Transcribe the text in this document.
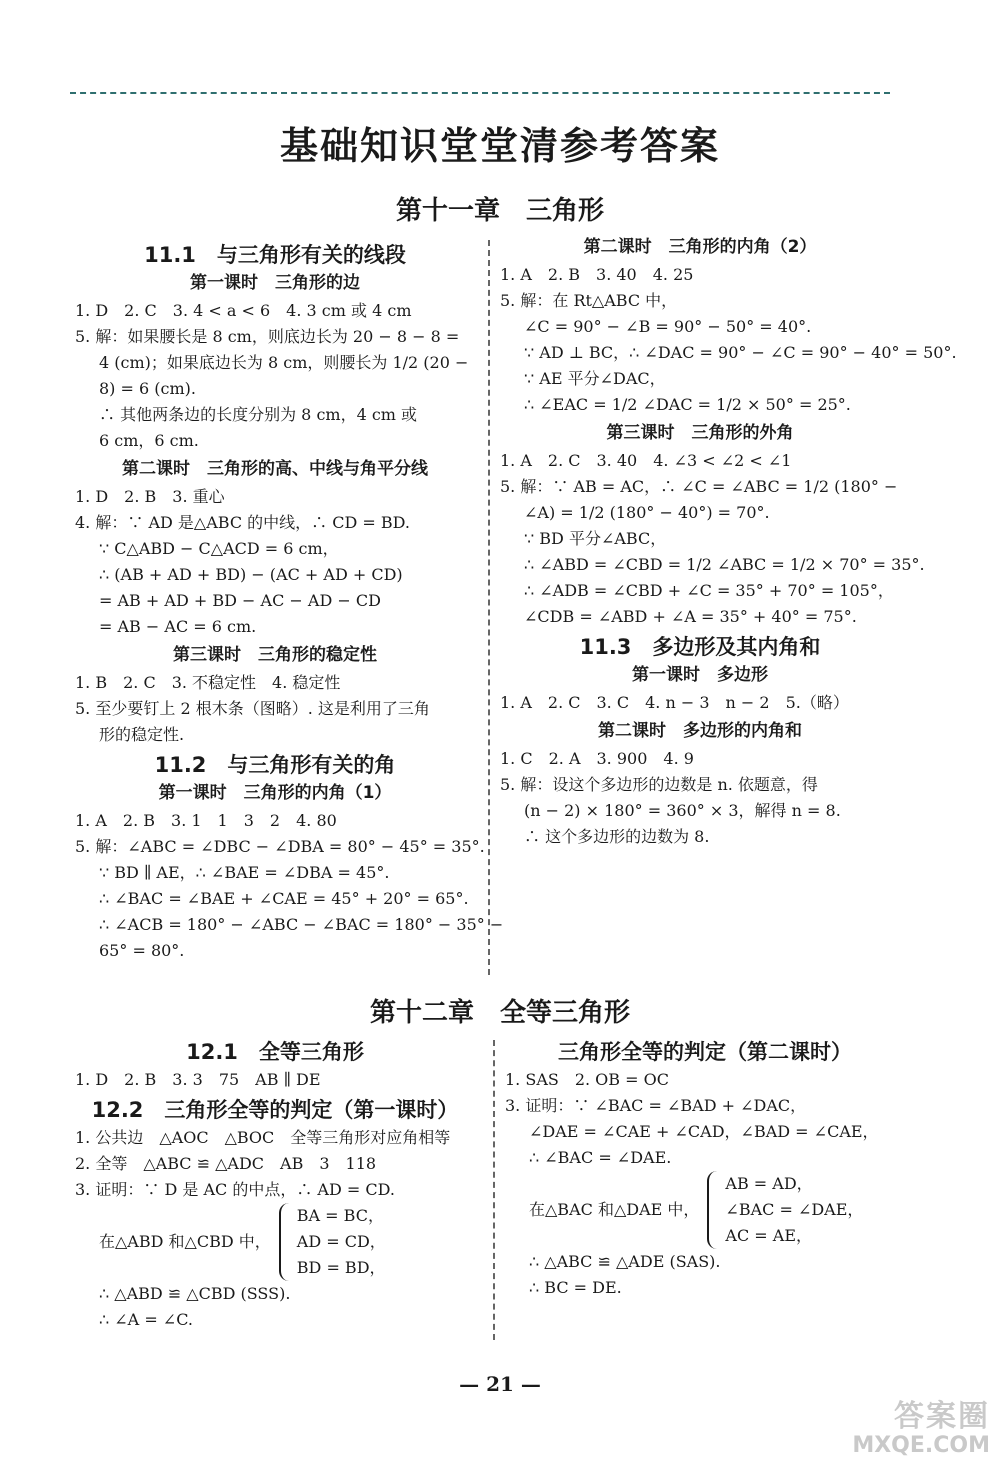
基础知识堂堂清参考答案
第十一章　三角形
11.1　与三角形有关的线段
第一课时　三角形的边
1. D　2. C　3. 4 < a < 6　4. 3 cm 或 4 cm
5. 解：如果腰长是 8 cm，则底边长为 20 − 8 − 8 =
4 (cm)；如果底边长为 8 cm，则腰长为 1/2 (20 −
8) = 6 (cm).
∴ 其他两条边的长度分别为 8 cm，4 cm 或
6 cm，6 cm.
第二课时　三角形的高、中线与角平分线
1. D　2. B　3. 重心
4. 解：∵ AD 是△ABC 的中线，∴ CD = BD.
∵ C△ABD − C△ACD = 6 cm，
∴ (AB + AD + BD) − (AC + AD + CD)
= AB + AD + BD − AC − AD − CD
= AB − AC = 6 cm.
第三课时　三角形的稳定性
1. B　2. C　3. 不稳定性　4. 稳定性
5. 至少要钉上 2 根木条（图略）. 这是利用了三角
形的稳定性.
11.2　与三角形有关的角
第一课时　三角形的内角（1）
1. A　2. B　3. 1　1　3　2　4. 80
5. 解：∠ABC = ∠DBC − ∠DBA = 80° − 45° = 35°.
∵ BD ∥ AE，∴ ∠BAE = ∠DBA = 45°.
∴ ∠BAC = ∠BAE + ∠CAE = 45° + 20° = 65°.
∴ ∠ACB = 180° − ∠ABC − ∠BAC = 180° − 35° −
65° = 80°.
第二课时　三角形的内角（2）
1. A　2. B　3. 40　4. 25
5. 解：在 Rt△ABC 中，
∠C = 90° − ∠B = 90° − 50° = 40°.
∵ AD ⊥ BC，∴ ∠DAC = 90° − ∠C = 90° − 40° = 50°.
∵ AE 平分∠DAC，
∴ ∠EAC = 1/2 ∠DAC = 1/2 × 50° = 25°.
第三课时　三角形的外角
1. A　2. C　3. 40　4. ∠3 < ∠2 < ∠1
5. 解：∵ AB = AC，∴ ∠C = ∠ABC = 1/2 (180° −
∠A) = 1/2 (180° − 40°) = 70°.
∵ BD 平分∠ABC，
∴ ∠ABD = ∠CBD = 1/2 ∠ABC = 1/2 × 70° = 35°.
∴ ∠ADB = ∠CBD + ∠C = 35° + 70° = 105°，
∠CDB = ∠ABD + ∠A = 35° + 40° = 75°.
11.3　多边形及其内角和
第一课时　多边形
1. A　2. C　3. C　4. n − 3　n − 2　5.（略）
第二课时　多边形的内角和
1. C　2. A　3. 900　4. 9
5. 解：设这个多边形的边数是 n. 依题意，得
(n − 2) × 180° = 360° × 3，解得 n = 8.
∴ 这个多边形的边数为 8.
第十二章　全等三角形
12.1　全等三角形
1. D　2. B　3. 3　75　AB ∥ DE
12.2　三角形全等的判定（第一课时）
1. 公共边　△AOC　△BOC　全等三角形对应角相等
2. 全等　△ABC ≌ △ADC　AB　3　118
3. 证明：∵ D 是 AC 的中点，∴ AD = CD.
在△ABD 和△CBD 中，
BA = BC，
AD = CD，
BD = BD，
∴ △ABD ≌ △CBD (SSS).
∴ ∠A = ∠C.
三角形全等的判定（第二课时）
1. SAS　2. OB = OC
3. 证明：∵ ∠BAC = ∠BAD + ∠DAC，
∠DAE = ∠CAE + ∠CAD，∠BAD = ∠CAE，
∴ ∠BAC = ∠DAE.
在△BAC 和△DAE 中，
AB = AD，
∠BAC = ∠DAE，
AC = AE，
∴ △ABC ≌ △ADE (SAS).
∴ BC = DE.
— 21 —
答案圈
MXQE.COM
